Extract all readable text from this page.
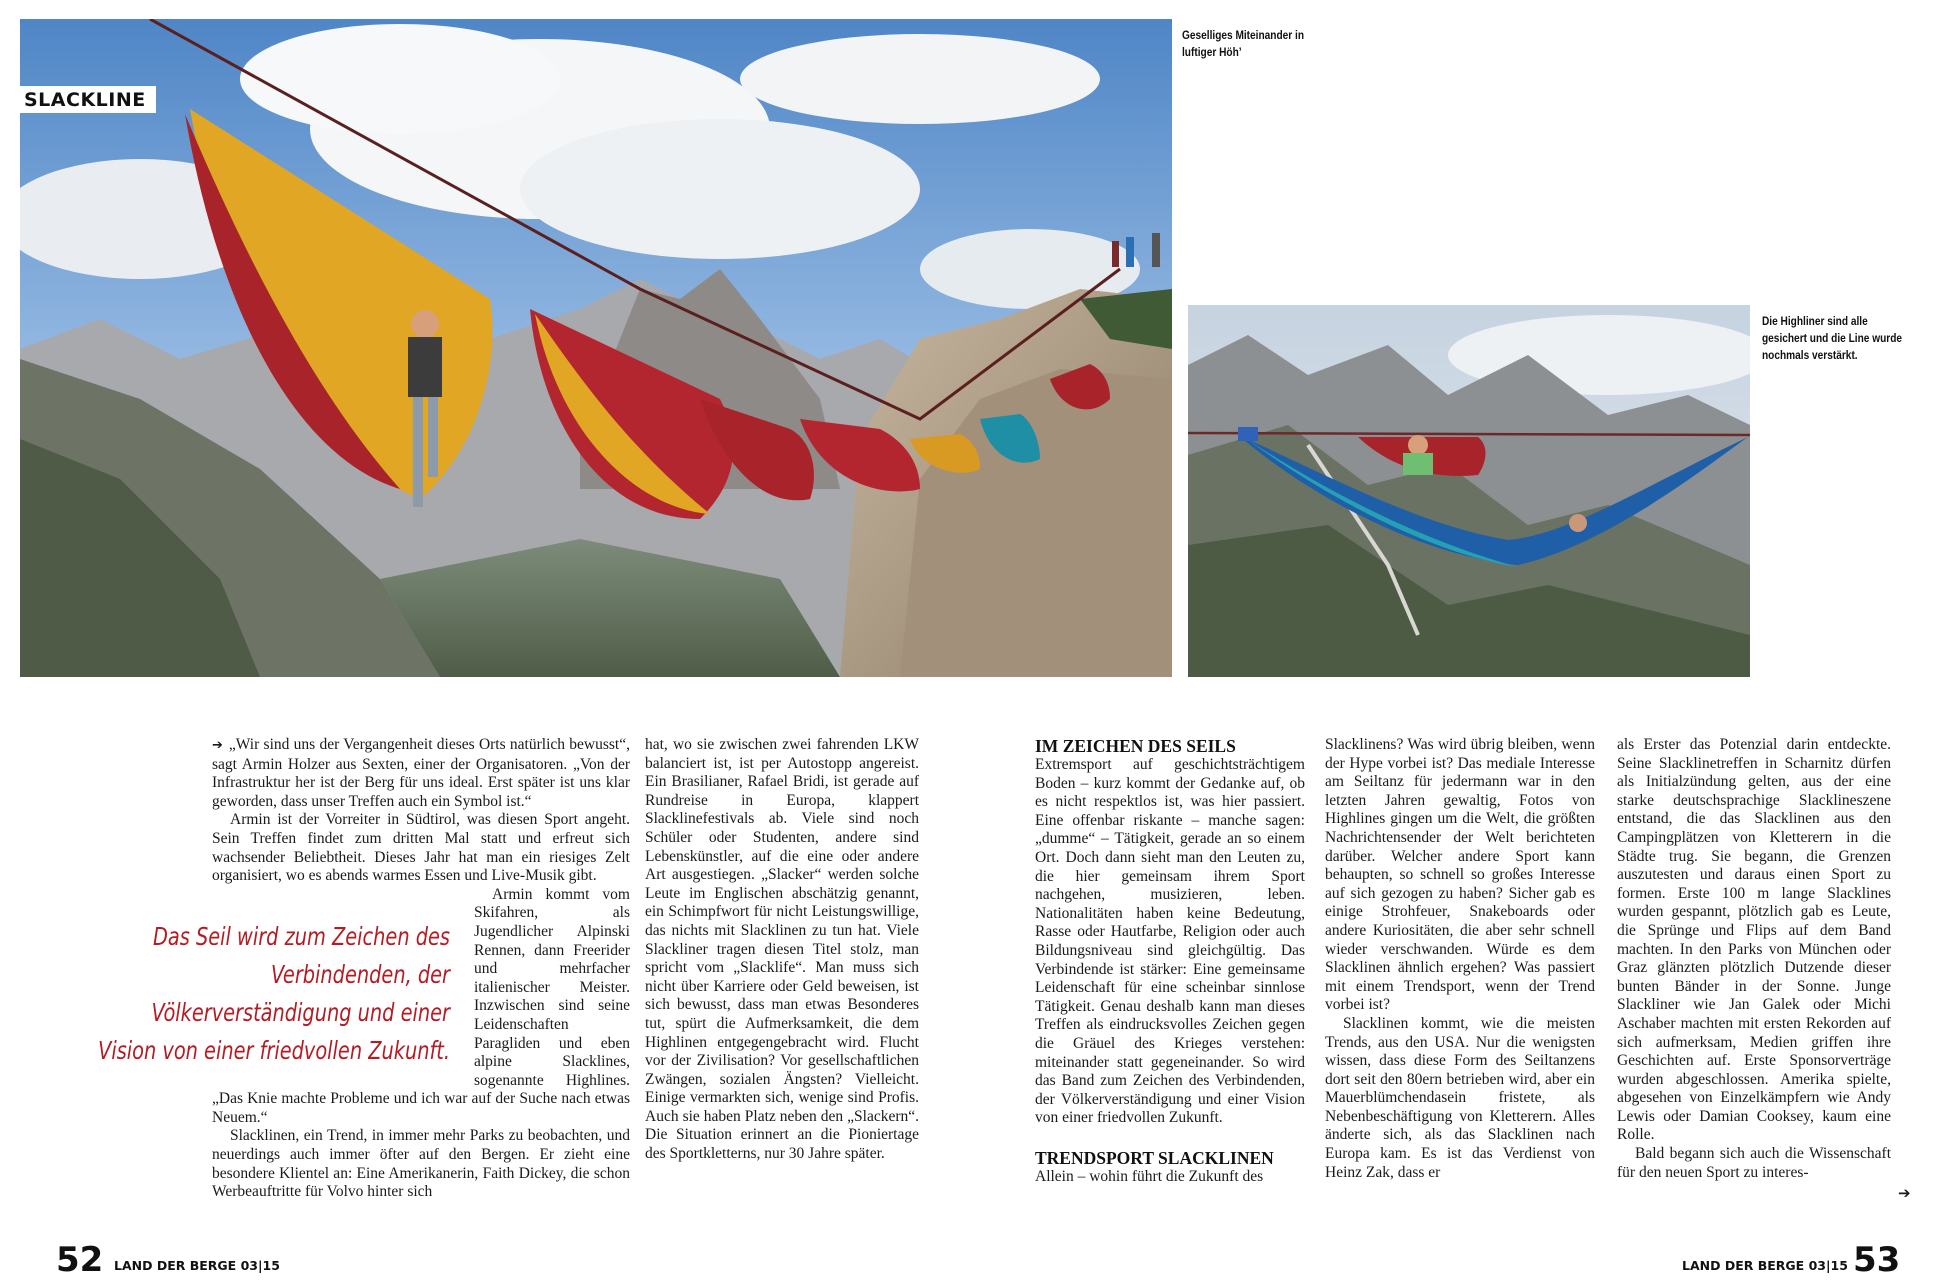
SLACKLINE
Geselliges Miteinander in luftiger Höh’
Die Highliner sind alle gesichert und die Line wurde nochmals verstärkt.

➔ „Wir sind uns der Vergangenheit dieses Orts natürlich bewusst“, sagt Armin Holzer aus Sexten, einer der Organisatoren. „Von der Infrastruktur her ist der Berg für uns ideal. Erst später ist uns klar geworden, dass unser Treffen auch ein Symbol ist.“

Armin ist der Vorreiter in Südtirol, was diesen Sport angeht. Sein Treffen findet zum dritten Mal statt und erfreut sich wachsender Beliebtheit. Dieses Jahr hat man ein riesiges Zelt organisiert, wo es abends warmes Essen und Live-Musik gibt.

Armin kommt vom Skifahren, als Jugendlicher Alpinski Rennen, dann Freerider und mehrfacher italienischer Meister. Inzwischen sind seine Leidenschaften Paragliden und eben alpine Slacklines, sogenannte Highlines. „Das Knie machte Probleme und ich war auf der Suche nach etwas Neuem.“

Slacklinen, ein Trend, in immer mehr Parks zu beobachten, und neuerdings auch immer öfter auf den Bergen. Er zieht eine besondere Klientel an: Eine Amerikanerin, Faith Dickey, die schon Werbeauftritte für Volvo hinter sich

Das Seil wird zum Zeichen des Verbindenden, der Völkerverständigung und einer Vision von einer friedvollen Zukunft.

hat, wo sie zwischen zwei fahrenden LKW balanciert ist, ist per Autostopp angereist. Ein Brasilianer, Rafael Bridi, ist gerade auf Rundreise in Europa, klappert Slacklinefestivals ab. Viele sind noch Schüler oder Studenten, andere sind Lebenskünstler, auf die eine oder andere Art ausgestiegen. „Slacker“ werden solche Leute im Englischen abschätzig genannt, ein Schimpfwort für nicht Leistungswillige, das nichts mit Slacklinen zu tun hat. Viele Slackliner tragen diesen Titel stolz, man spricht vom „Slacklife“. Man muss sich nicht über Karriere oder Geld beweisen, ist sich bewusst, dass man etwas Besonderes tut, spürt die Aufmerksamkeit, die dem Highlinen entgegengebracht wird. Flucht vor der Zivilisation? Vor gesellschaftlichen Zwängen, sozialen Ängsten? Vielleicht. Einige vermarkten sich, wenige sind Profis. Auch sie haben Platz neben den „Slackern“. Die Situation erinnert an die Pioniertage des Sportkletterns, nur 30 Jahre später.

IM ZEICHEN DES SEILS

Extremsport auf geschichtsträchtigem Boden – kurz kommt der Gedanke auf, ob es nicht respektlos ist, was hier passiert. Eine offenbar riskante – manche sagen: „dumme“ – Tätigkeit, gerade an so einem Ort. Doch dann sieht man den Leuten zu, die hier gemeinsam ihrem Sport nachgehen, musizieren, leben. Nationalitäten haben keine Bedeutung, Rasse oder Hautfarbe, Religion oder auch Bildungsniveau sind gleichgültig. Das Verbindende ist stärker: Eine gemeinsame Leidenschaft für eine scheinbar sinnlose Tätigkeit. Genau deshalb kann man dieses Treffen als eindrucksvolles Zeichen gegen die Gräuel des Krieges verstehen: miteinander statt gegeneinander. So wird das Band zum Zeichen des Verbindenden, der Völkerverständigung und einer Vision von einer friedvollen Zukunft.

TRENDSPORT SLACKLINEN

Allein – wohin führt die Zukunft des

Slacklinens? Was wird übrig bleiben, wenn der Hype vorbei ist? Das mediale Interesse am Seiltanz für jedermann war in den letzten Jahren gewaltig, Fotos von Highlines gingen um die Welt, die größten Nachrichtensender der Welt berichteten darüber. Welcher andere Sport kann behaupten, so schnell so großes Interesse auf sich gezogen zu haben? Sicher gab es einige Strohfeuer, Snakeboards oder andere Kuriositäten, die aber sehr schnell wieder verschwanden. Würde es dem Slacklinen ähnlich ergehen? Was passiert mit einem Trendsport, wenn der Trend vorbei ist?

Slacklinen kommt, wie die meisten Trends, aus den USA. Nur die wenigsten wissen, dass diese Form des Seiltanzens dort seit den 80ern betrieben wird, aber ein Mauerblümchendasein fristete, als Nebenbeschäftigung von Kletterern. Alles änderte sich, als das Slacklinen nach Europa kam. Es ist das Verdienst von Heinz Zak, dass er

als Erster das Potenzial darin entdeckte. Seine Slacklinetreffen in Scharnitz dürfen als Initialzündung gelten, aus der eine starke deutschsprachige Slacklineszene entstand, die das Slacklinen aus den Campingplätzen von Kletterern in die Städte trug. Sie begann, die Grenzen auszutesten und daraus einen Sport zu formen. Erste 100 m lange Slacklines wurden gespannt, plötzlich gab es Leute, die Sprünge und Flips auf dem Band machten. In den Parks von München oder Graz glänzten plötzlich Dutzende dieser bunten Bänder in der Sonne. Junge Slackliner wie Jan Galek oder Michi Aschaber machten mit ersten Rekorden auf sich aufmerksam, Medien griffen ihre Geschichten auf. Erste Sponsorverträge wurden abgeschlossen. Amerika spielte, abgesehen von Einzelkämpfern wie Andy Lewis oder Damian Cooksey, kaum eine Rolle.

Bald begann sich auch die Wissenschaft für den neuen Sport zu interes-

➔
52 LAND DER BERGE 03|15	LAND DER BERGE 03|15 53
